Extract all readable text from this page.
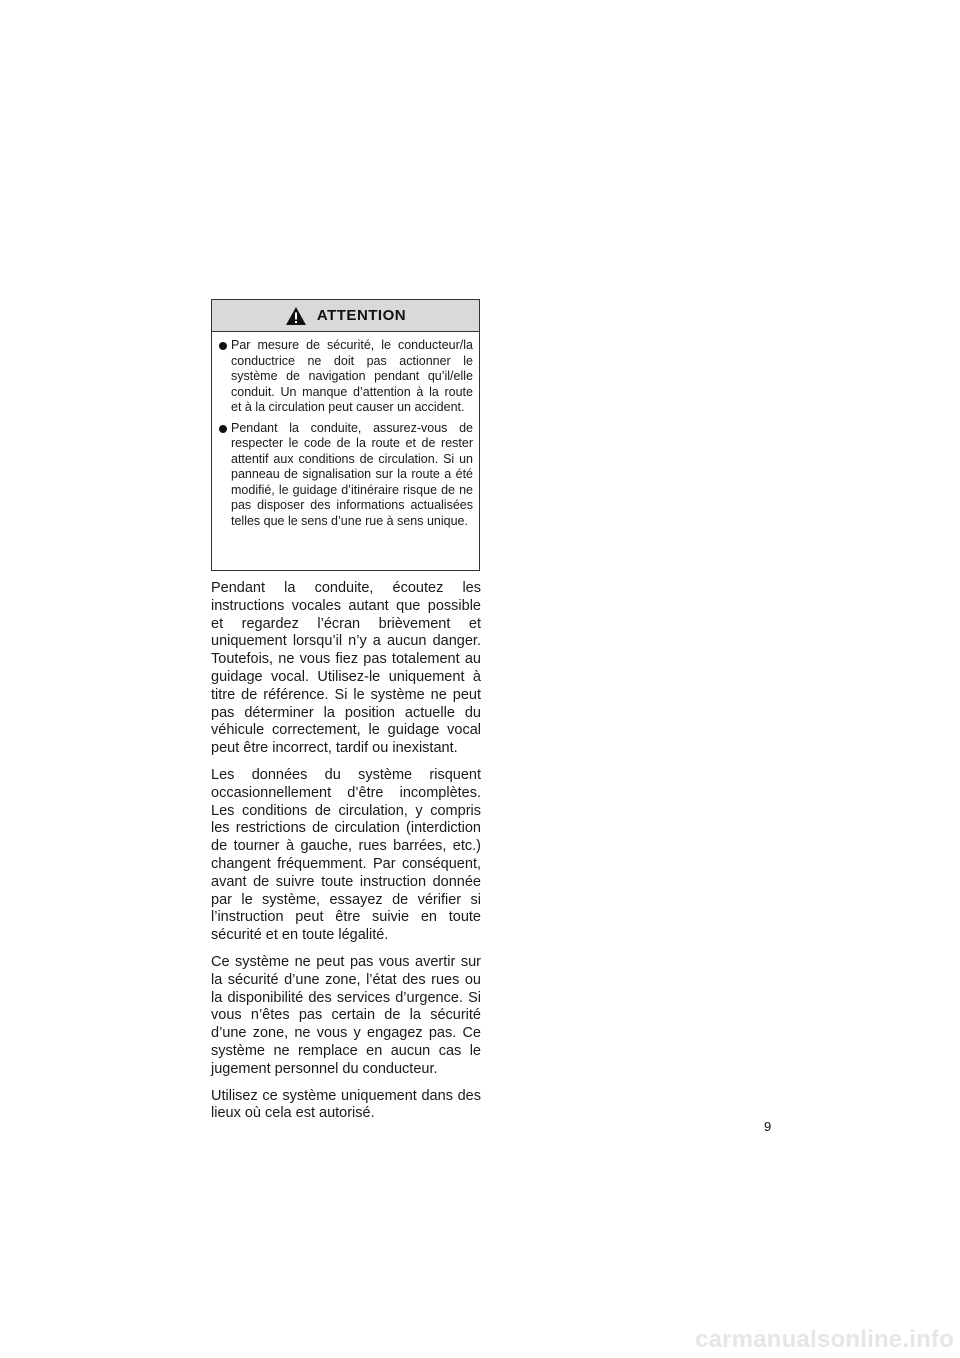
ATTENTION

Par mesure de sécurité, le conducteur/la conductrice ne doit pas actionner le système de navigation pendant qu’il/elle conduit. Un manque d’attention à la route et à la circulation peut causer un accident.

Pendant la conduite, assurez-vous de respecter le code de la route et de rester attentif aux conditions de circulation. Si un panneau de signalisation sur la route a été modifié, le guidage d’itinéraire risque de ne pas disposer des informations actualisées telles que le sens d’une rue à sens unique.

Pendant la conduite, écoutez les instructions vocales autant que possible et regardez l’écran brièvement et uniquement lorsqu’il n’y a aucun danger. Toutefois, ne vous fiez pas totalement au guidage vocal. Utilisez-le uniquement à titre de référence. Si le système ne peut pas déterminer la position actuelle du véhicule correctement, le guidage vocal peut être incorrect, tardif ou inexistant.

Les données du système risquent occasionnellement d’être incomplètes. Les conditions de circulation, y compris les restrictions de circulation (interdiction de tourner à gauche, rues barrées, etc.) changent fréquemment. Par conséquent, avant de suivre toute instruction donnée par le système, essayez de vérifier si l’instruction peut être suivie en toute sécurité et en toute légalité.

Ce système ne peut pas vous avertir sur la sécurité d’une zone, l’état des rues ou la disponibilité des services d’urgence. Si vous n’êtes pas certain de la sécurité d’une zone, ne vous y engagez pas. Ce système ne remplace en aucun cas le jugement personnel du conducteur.

Utilisez ce système uniquement dans des lieux où cela est autorisé.

9
carmanualsonline.info
